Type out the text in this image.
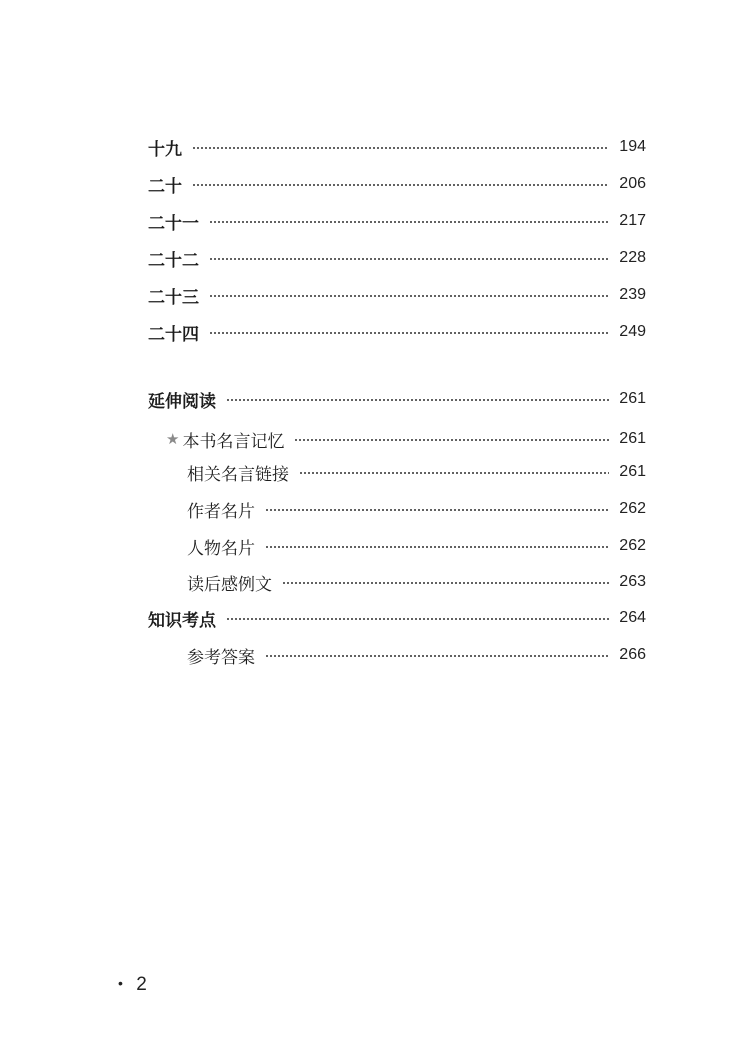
十九	194
二十	206
二十一	217
二十二	228
二十三	239
二十四	249
延伸阅读	261
★ 本书名言记忆	261
相关名言链接	261
作者名片	262
人物名片	262
读后感例文	263
知识考点	264
参考答案	266
• 2
